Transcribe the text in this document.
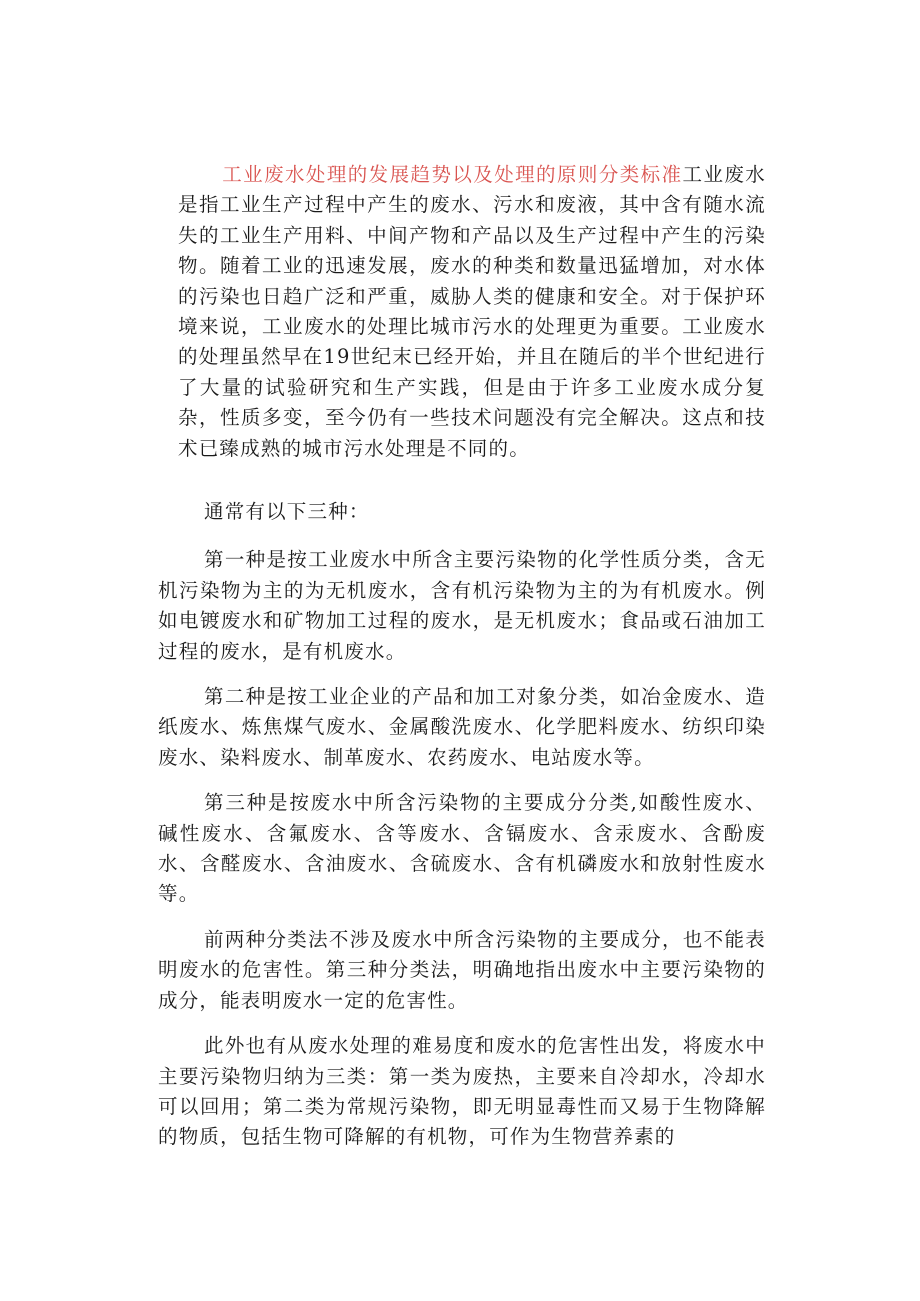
工业废水处理的发展趋势以及处理的原则分类标准工业废水是指工业生产过程中产生的废水、污水和废液，其中含有随水流失的工业生产用料、中间产物和产品以及生产过程中产生的污染物。随着工业的迅速发展，废水的种类和数量迅猛增加，对水体的污染也日趋广泛和严重，威胁人类的健康和安全。对于保护环境来说，工业废水的处理比城市污水的处理更为重要。工业废水的处理虽然早在19世纪末已经开始，并且在随后的半个世纪进行了大量的试验研究和生产实践，但是由于许多工业废水成分复杂，性质多变，至今仍有一些技术问题没有完全解决。这点和技术已臻成熟的城市污水处理是不同的。

通常有以下三种：

第一种是按工业废水中所含主要污染物的化学性质分类，含无机污染物为主的为无机废水，含有机污染物为主的为有机废水。例如电镀废水和矿物加工过程的废水，是无机废水；食品或石油加工过程的废水，是有机废水。

第二种是按工业企业的产品和加工对象分类，如冶金废水、造纸废水、炼焦煤气废水、金属酸洗废水、化学肥料废水、纺织印染废水、染料废水、制革废水、农药废水、电站废水等。

第三种是按废水中所含污染物的主要成分分类,如酸性废水、碱性废水、含氟废水、含等废水、含镉废水、含汞废水、含酚废水、含醛废水、含油废水、含硫废水、含有机磷废水和放射性废水等。

前两种分类法不涉及废水中所含污染物的主要成分，也不能表明废水的危害性。第三种分类法，明确地指出废水中主要污染物的成分，能表明废水一定的危害性。

此外也有从废水处理的难易度和废水的危害性出发，将废水中主要污染物归纳为三类：第一类为废热，主要来自冷却水，冷却水可以回用；第二类为常规污染物，即无明显毒性而又易于生物降解的物质，包括生物可降解的有机物，可作为生物营养素的
